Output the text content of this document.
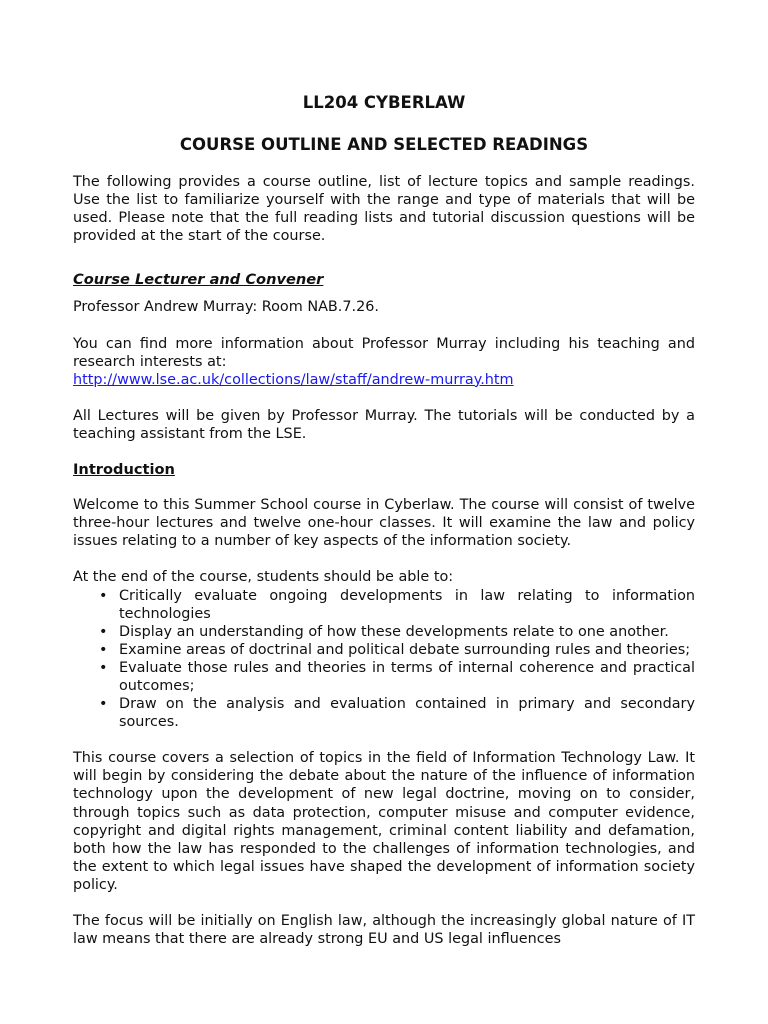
LL204 CYBERLAW
COURSE OUTLINE AND SELECTED READINGS

The following provides a course outline, list of lecture topics and sample readings. Use the list to familiarize yourself with the range and type of materials that will be used. Please note that the full reading lists and tutorial discussion questions will be provided at the start of the course.

Course Lecturer and Convener

Professor Andrew Murray: Room NAB.7.26.

You can find more information about Professor Murray including his teaching and research interests at:
http://www.lse.ac.uk/collections/law/staff/andrew-murray.htm

All Lectures will be given by Professor Murray. The tutorials will be conducted by a teaching assistant from the LSE.

Introduction

Welcome to this Summer School course in Cyberlaw. The course will consist of twelve three-hour lectures and twelve one-hour classes. It will examine the law and policy issues relating to a number of key aspects of the information society.

At the end of the course, students should be able to:

• Critically evaluate ongoing developments in law relating to information technologies
• Display an understanding of how these developments relate to one another.
• Examine areas of doctrinal and political debate surrounding rules and theories;
• Evaluate those rules and theories in terms of internal coherence and practical outcomes;
• Draw on the analysis and evaluation contained in primary and secondary sources.

This course covers a selection of topics in the field of Information Technology Law. It will begin by considering the debate about the nature of the influence of information technology upon the development of new legal doctrine, moving on to consider, through topics such as data protection, computer misuse and computer evidence, copyright and digital rights management, criminal content liability and defamation, both how the law has responded to the challenges of information technologies, and the extent to which legal issues have shaped the development of information society policy.

The focus will be initially on English law, although the increasingly global nature of IT law means that there are already strong EU and US legal influences
